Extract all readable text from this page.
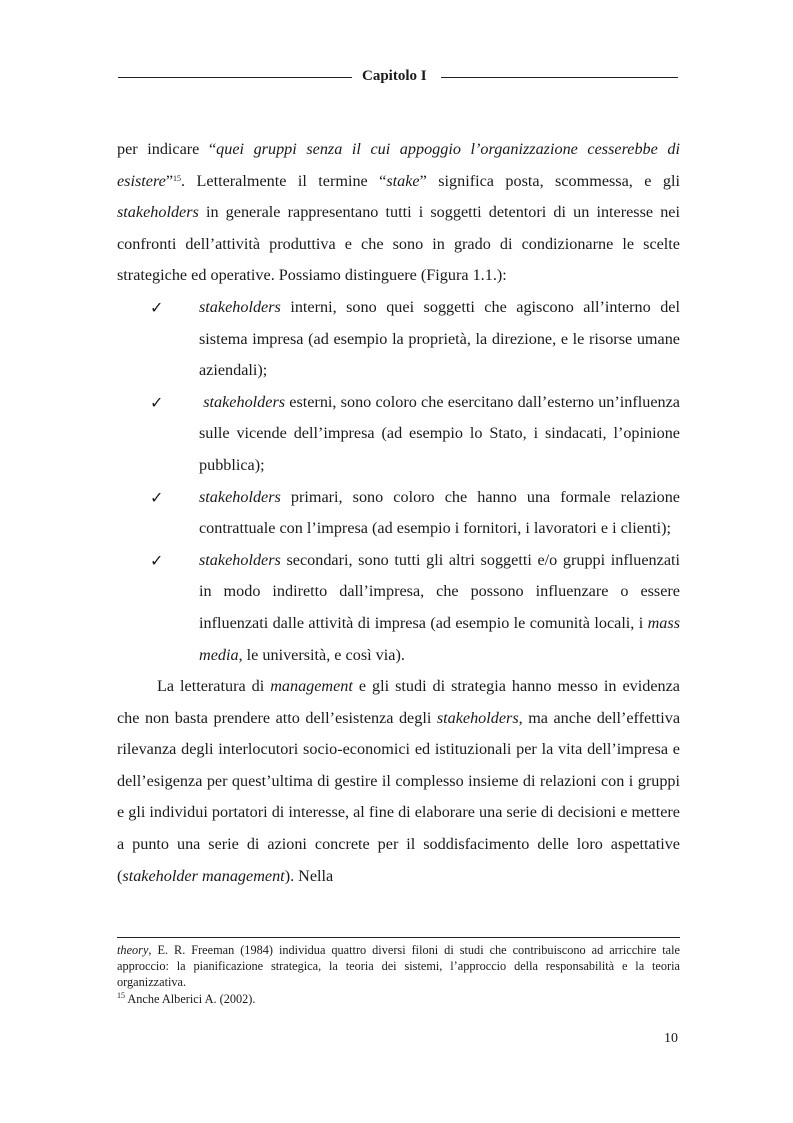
Capitolo I

per indicare “quei gruppi senza il cui appoggio l’organizzazione cesserebbe di esistere”$^{15}$. Letteralmente il termine “stake” significa posta, scommessa, e gli stakeholders in generale rappresentano tutti i soggetti detentori di un interesse nei confronti dell’attività produttiva e che sono in grado di condizionarne le scelte strategiche ed operative. Possiamo distinguere (Figura 1.1.):

✓ stakeholders interni, sono quei soggetti che agiscono all’interno del sistema impresa (ad esempio la proprietà, la direzione, e le risorse umane aziendali);
✓ stakeholders esterni, sono coloro che esercitano dall’esterno un’influenza sulle vicende dell’impresa (ad esempio lo Stato, i sindacati, l’opinione pubblica);
✓ stakeholders primari, sono coloro che hanno una formale relazione contrattuale con l’impresa (ad esempio i fornitori, i lavoratori e i clienti);
✓ stakeholders secondari, sono tutti gli altri soggetti e/o gruppi influenzati in modo indiretto dall’impresa, che possono influenzare o essere influenzati dalle attività di impresa (ad esempio le comunità locali, i mass media, le università, e così via).

La letteratura di management e gli studi di strategia hanno messo in evidenza che non basta prendere atto dell’esistenza degli stakeholders, ma anche dell’effettiva rilevanza degli interlocutori socio-economici ed istituzionali per la vita dell’impresa e dell’esigenza per quest’ultima di gestire il complesso insieme di relazioni con i gruppi e gli individui portatori di interesse, al fine di elaborare una serie di decisioni e mettere a punto una serie di azioni concrete per il soddisfacimento delle loro aspettative (stakeholder management). Nella

theory, E. R. Freeman (1984) individua quattro diversi filoni di studi che contribuiscono ad arricchire tale approccio: la pianificazione strategica, la teoria dei sistemi, l’approccio della responsabilità e la teoria organizzativa.
$^{15}$ Anche Alberici A. (2002).
10
